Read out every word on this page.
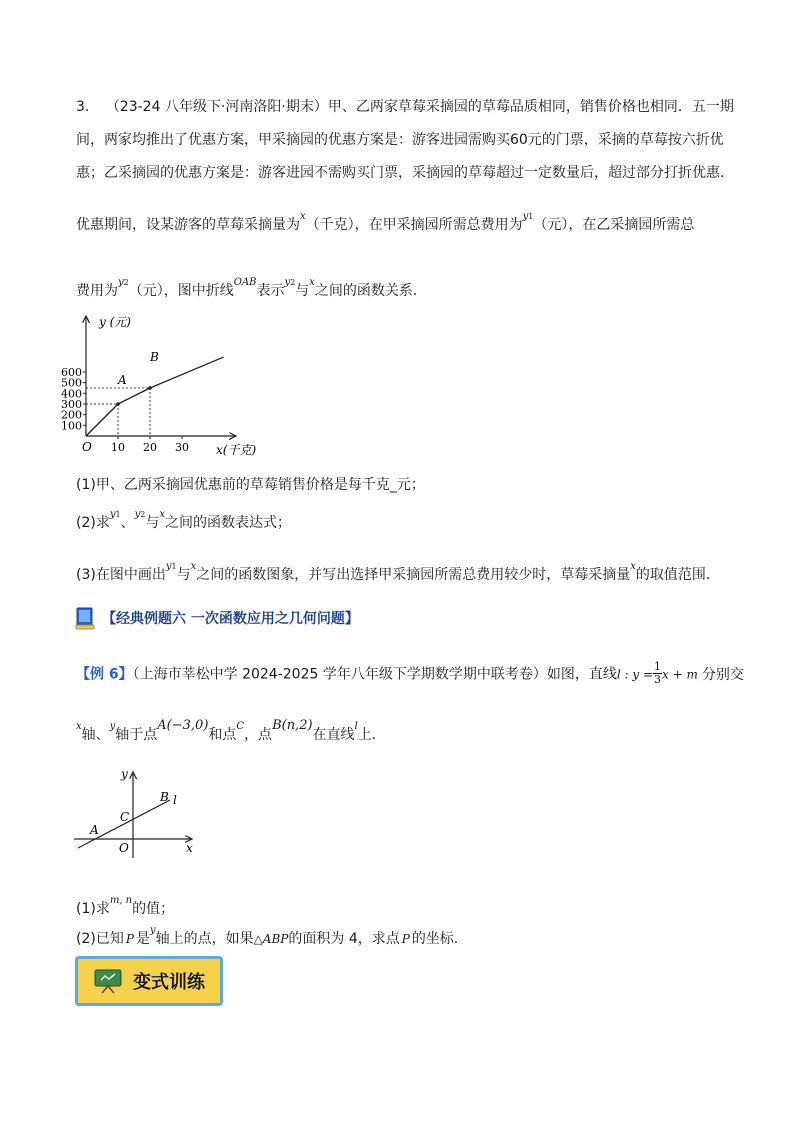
3. （23-24 八年级下·河南洛阳·期末）甲、乙两家草莓采摘园的草莓品质相同，销售价格也相同．五一期
间，两家均推出了优惠方案，甲采摘园的优惠方案是：游客进园需购买60元的门票，采摘的草莓按六折优
惠；乙采摘园的优惠方案是：游客进园不需购买门票，采摘园的草莓超过一定数量后，超过部分打折优惠．
优惠期间，设某游客的草莓采摘量为$^x$（千克），在甲采摘园所需总费用为$^{y1}$（元），在乙采摘园所需总
费用为$^{y2}$（元），图中折线$^{OAB}$表示$^{y2}$与$^x$之间的函数关系．
y (元)
x(千克)
O
A
B
600
500
400
300
200
100
10 20 30
(1)甲、乙两采摘园优惠前的草莓销售价格是每千克_元；
(2)求$^{y1}$、$^{y2}$与$^x$之间的函数表达式；
(3)在图中画出$^{y1}$与$^x$之间的函数图象，并写出选择甲采摘园所需总费用较少时，草莓采摘量$^x$的取值范围．
【经典例题六 一次函数应用之几何问题】
【例 6】（上海市莘松中学 2024-2025 学年八年级下学期数学期中联考卷）如图，直线l : $y = \frac{1}{3}$ x + m 分别交
$^x$轴、$^y$轴于点A(−3,0)和点$^C$，点B(n,2)在直线$^l$上．
y
x
O
A
C
B l
(1)求$^{m, n}$的值；
(2)已知 P 是$^y$轴上的点，如果△ABP的面积为 4，求点 P 的坐标.
变式训练
